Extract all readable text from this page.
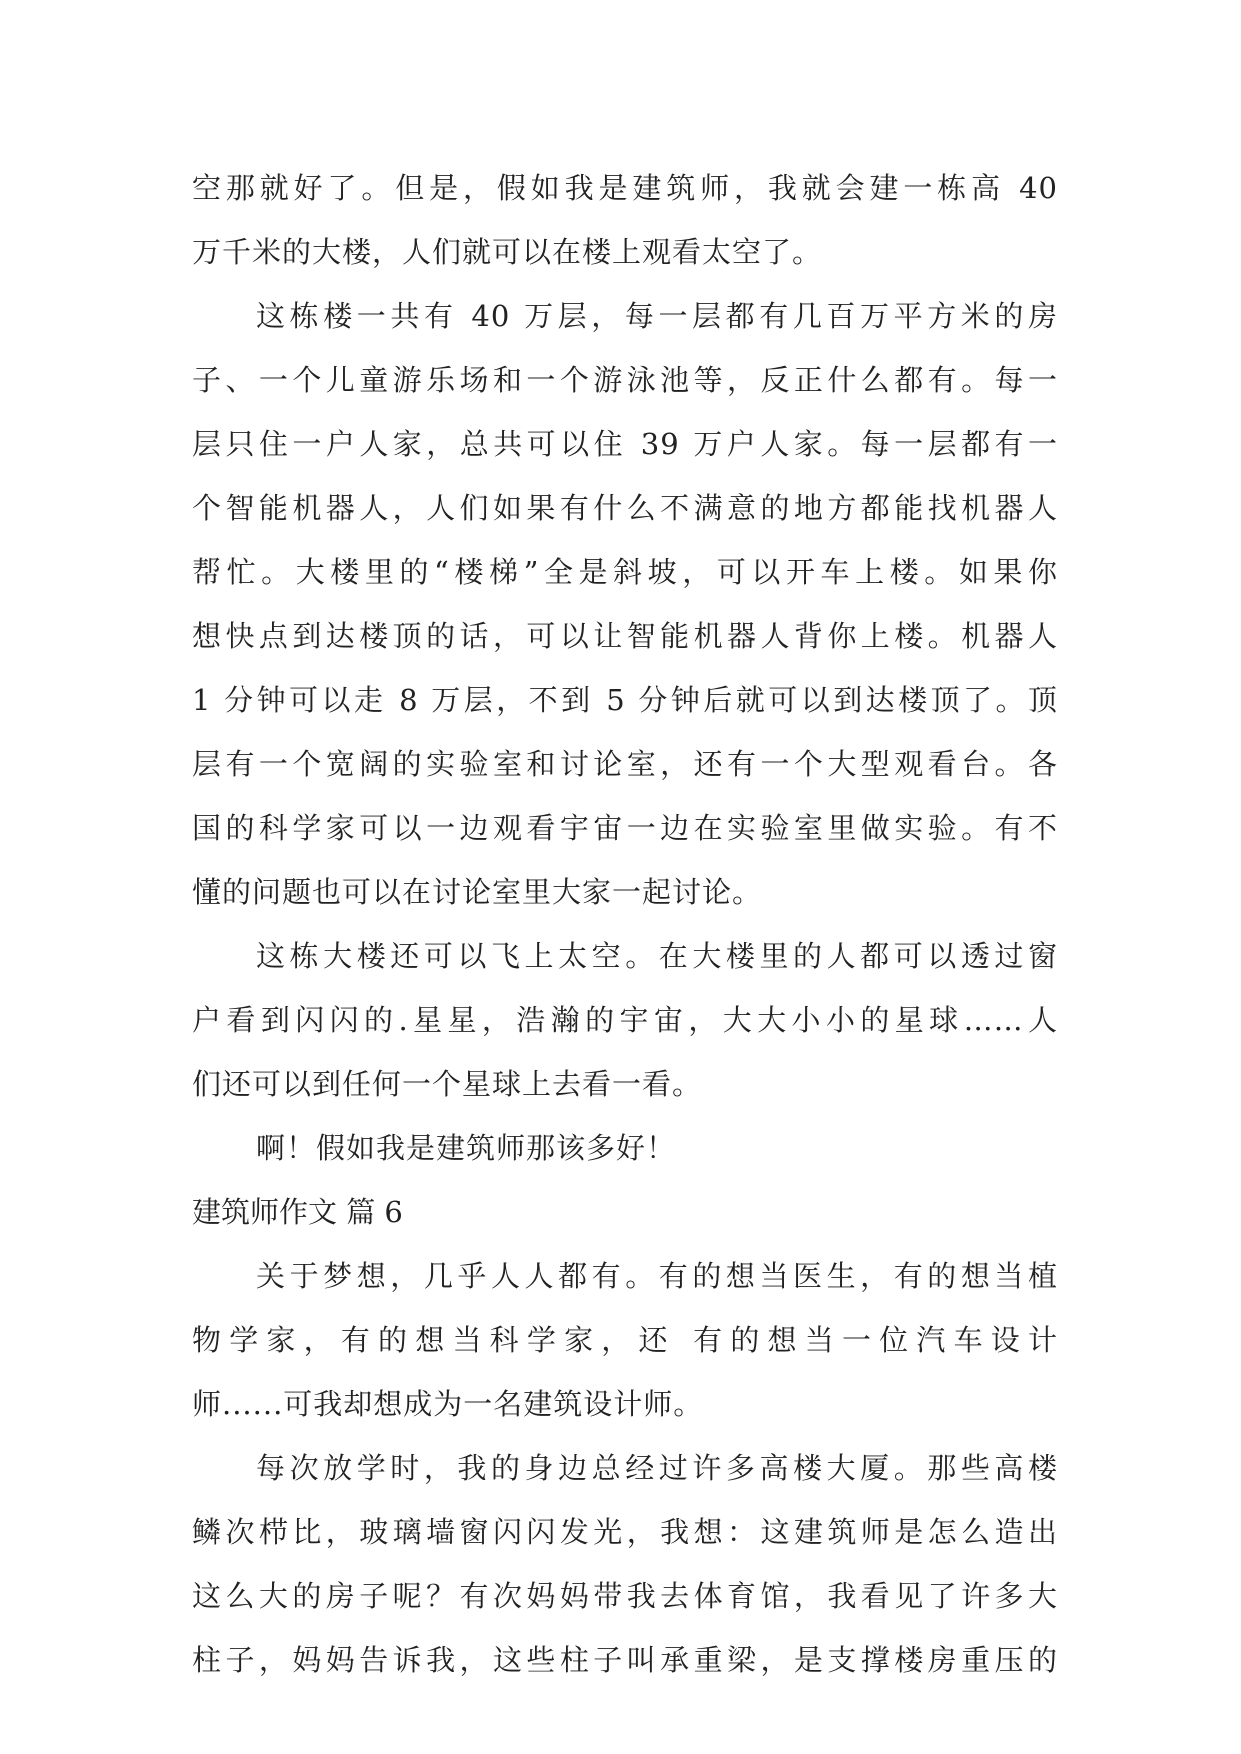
空那就好了。但是，假如我是建筑师，我就会建一栋高 40
万千米的大楼，人们就可以在楼上观看太空了。
这栋楼一共有 40 万层，每一层都有几百万平方米的房
子、一个儿童游乐场和一个游泳池等，反正什么都有。每一
层只住一户人家，总共可以住 39 万户人家。每一层都有一
个智能机器人，人们如果有什么不满意的地方都能找机器人
帮忙。大楼里的“楼梯”全是斜坡，可以开车上楼。如果你
想快点到达楼顶的话，可以让智能机器人背你上楼。机器人
1 分钟可以走 8 万层，不到 5 分钟后就可以到达楼顶了。顶
层有一个宽阔的实验室和讨论室，还有一个大型观看台。各
国的科学家可以一边观看宇宙一边在实验室里做实验。有不
懂的问题也可以在讨论室里大家一起讨论。
这栋大楼还可以飞上太空。在大楼里的人都可以透过窗
户看到闪闪的.星星，浩瀚的宇宙，大大小小的星球……人
们还可以到任何一个星球上去看一看。
啊！假如我是建筑师那该多好！
建筑师作文 篇 6
关于梦想，几乎人人都有。有的想当医生，有的想当植
物学家，有的想当科学家，还 有的想当一位汽车设计
师......可我却想成为一名建筑设计师。
每次放学时，我的身边总经过许多高楼大厦。那些高楼
鳞次栉比，玻璃墙窗闪闪发光，我想：这建筑师是怎么造出
这么大的房子呢？有次妈妈带我去体育馆，我看见了许多大
柱子，妈妈告诉我，这些柱子叫承重梁，是支撑楼房重压的
